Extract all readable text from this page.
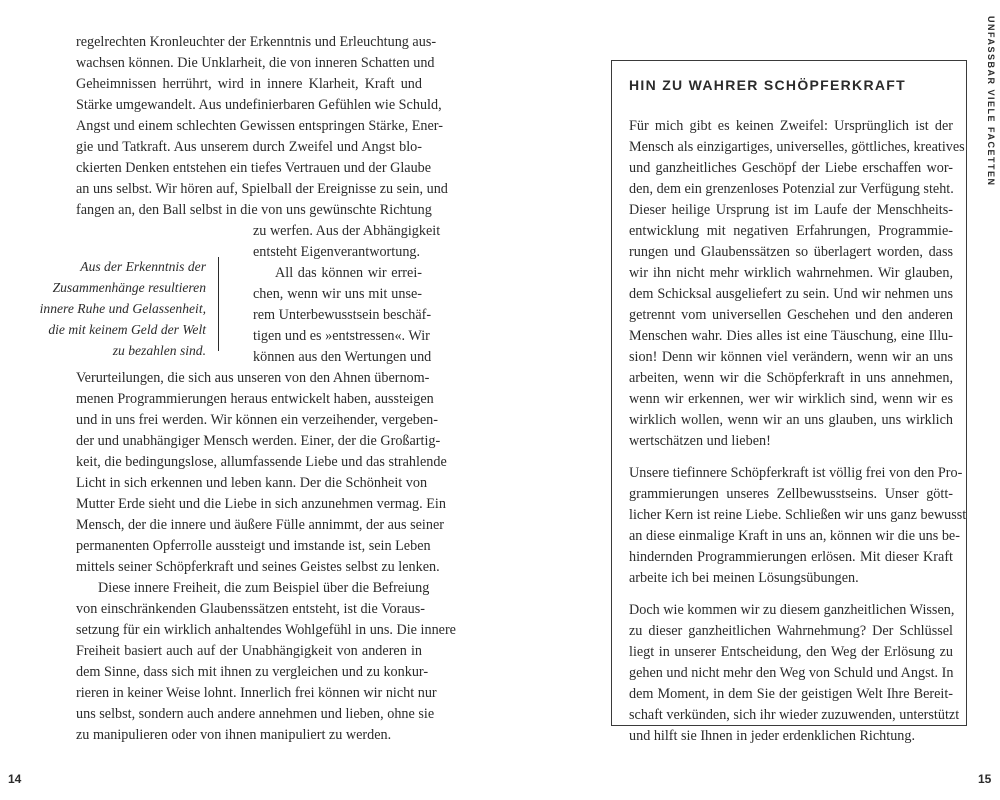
regelrechten Kronleuchter der Erkenntnis und Erleuchtung aus-
wachsen können. Die Unklarheit, die von inneren Schatten und
Geheimnissen herrührt, wird in innere Klarheit, Kraft und
Stärke umgewandelt. Aus undefinierbaren Gefühlen wie Schuld,
Angst und einem schlechten Gewissen entspringen Stärke, Ener-
gie und Tatkraft. Aus unserem durch Zweifel und Angst blo-
ckierten Denken entstehen ein tiefes Vertrauen und der Glaube
an uns selbst. Wir hören auf, Spielball der Ereignisse zu sein, und
fangen an, den Ball selbst in die von uns gewünschte Richtung
zu werfen. Aus der Abhängigkeit
entsteht Eigenverantwortung.
All das können wir errei-
chen, wenn wir uns mit unse-
rem Unterbewusstsein beschäf-
tigen und es »entstressen«. Wir
können aus den Wertungen und
Aus der Erkenntnis der
Zusammenhänge resultieren
innere Ruhe und Gelassenheit,
die mit keinem Geld der Welt
zu bezahlen sind.
Verurteilungen, die sich aus unseren von den Ahnen übernom-
menen Programmierungen heraus entwickelt haben, aussteigen
und in uns frei werden. Wir können ein verzeihender, vergeben-
der und unabhängiger Mensch werden. Einer, der die Großartig-
keit, die bedingungslose, allumfassende Liebe und das strahlende
Licht in sich erkennen und leben kann. Der die Schönheit von
Mutter Erde sieht und die Liebe in sich anzunehmen vermag. Ein
Mensch, der die innere und äußere Fülle annimmt, der aus seiner
permanenten Opferrolle aussteigt und imstande ist, sein Leben
mittels seiner Schöpferkraft und seines Geistes selbst zu lenken.
Diese innere Freiheit, die zum Beispiel über die Befreiung
von einschränkenden Glaubenssätzen entsteht, ist die Voraus-
setzung für ein wirklich anhaltendes Wohlgefühl in uns. Die innere
Freiheit basiert auch auf der Unabhängigkeit von anderen in
dem Sinne, dass sich mit ihnen zu vergleichen und zu konkur-
rieren in keiner Weise lohnt. Innerlich frei können wir nicht nur
uns selbst, sondern auch andere annehmen und lieben, ohne sie
zu manipulieren oder von ihnen manipuliert zu werden.
14
HIN ZU WAHRER SCHÖPFERKRAFT
Für mich gibt es keinen Zweifel: Ursprünglich ist der
Mensch als einzigartiges, universelles, göttliches, kreatives
und ganzheitliches Geschöpf der Liebe erschaffen wor-
den, dem ein grenzenloses Potenzial zur Verfügung steht.
Dieser heilige Ursprung ist im Laufe der Menschheits-
entwicklung mit negativen Erfahrungen, Programmie-
rungen und Glaubenssätzen so überlagert worden, dass
wir ihn nicht mehr wirklich wahrnehmen. Wir glauben,
dem Schicksal ausgeliefert zu sein. Und wir nehmen uns
getrennt vom universellen Geschehen und den anderen
Menschen wahr. Dies alles ist eine Täuschung, eine Illu-
sion! Denn wir können viel verändern, wenn wir an uns
arbeiten, wenn wir die Schöpferkraft in uns annehmen,
wenn wir erkennen, wer wir wirklich sind, wenn wir es
wirklich wollen, wenn wir an uns glauben, uns wirklich
wertschätzen und lieben!
Unsere tiefinnere Schöpferkraft ist völlig frei von den Pro-
grammierungen unseres Zellbewusstseins. Unser gött-
licher Kern ist reine Liebe. Schließen wir uns ganz bewusst
an diese einmalige Kraft in uns an, können wir die uns be-
hindernden Programmierungen erlösen. Mit dieser Kraft
arbeite ich bei meinen Lösungsübungen.
Doch wie kommen wir zu diesem ganzheitlichen Wissen,
zu dieser ganzheitlichen Wahrnehmung? Der Schlüssel
liegt in unserer Entscheidung, den Weg der Erlösung zu
gehen und nicht mehr den Weg von Schuld und Angst. In
dem Moment, in dem Sie der geistigen Welt Ihre Bereit-
schaft verkünden, sich ihr wieder zuzuwenden, unterstützt
und hilft sie Ihnen in jeder erdenklichen Richtung.
UNFASSBAR VIELE FACETTEN
15
